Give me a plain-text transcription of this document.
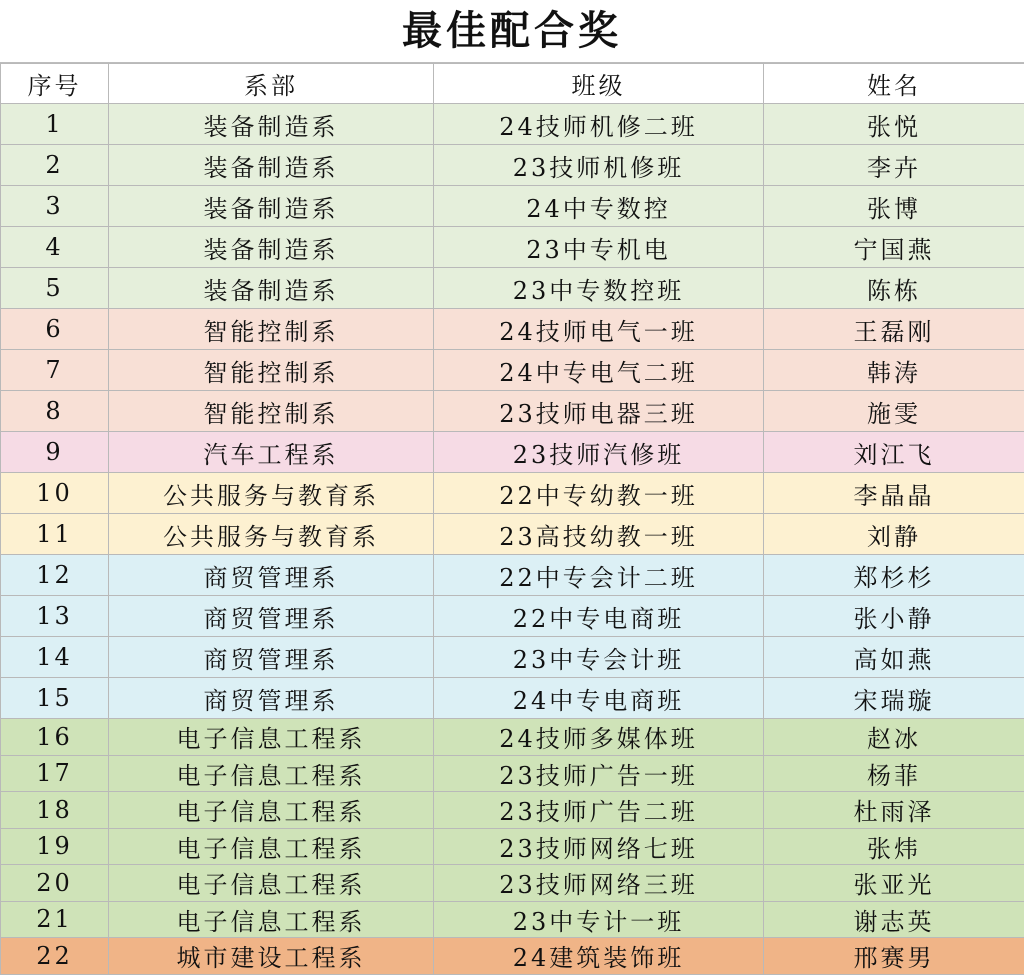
最佳配合奖
序号	系部	班级	姓名
1	装备制造系	24技师机修二班	张悦
2	装备制造系	23技师机修班	李卉
3	装备制造系	24中专数控	张博
4	装备制造系	23中专机电	宁国燕
5	装备制造系	23中专数控班	陈栋
6	智能控制系	24技师电气一班	王磊刚
7	智能控制系	24中专电气二班	韩涛
8	智能控制系	23技师电器三班	施雯
9	汽车工程系	23技师汽修班	刘江飞
10	公共服务与教育系	22中专幼教一班	李晶晶
11	公共服务与教育系	23高技幼教一班	刘静
12	商贸管理系	22中专会计二班	郑杉杉
13	商贸管理系	22中专电商班	张小静
14	商贸管理系	23中专会计班	高如燕
15	商贸管理系	24中专电商班	宋瑞璇
16	电子信息工程系	24技师多媒体班	赵冰
17	电子信息工程系	23技师广告一班	杨菲
18	电子信息工程系	23技师广告二班	杜雨泽
19	电子信息工程系	23技师网络七班	张炜
20	电子信息工程系	23技师网络三班	张亚光
21	电子信息工程系	23中专计一班	谢志英
22	城市建设工程系	24建筑装饰班	邢赛男
